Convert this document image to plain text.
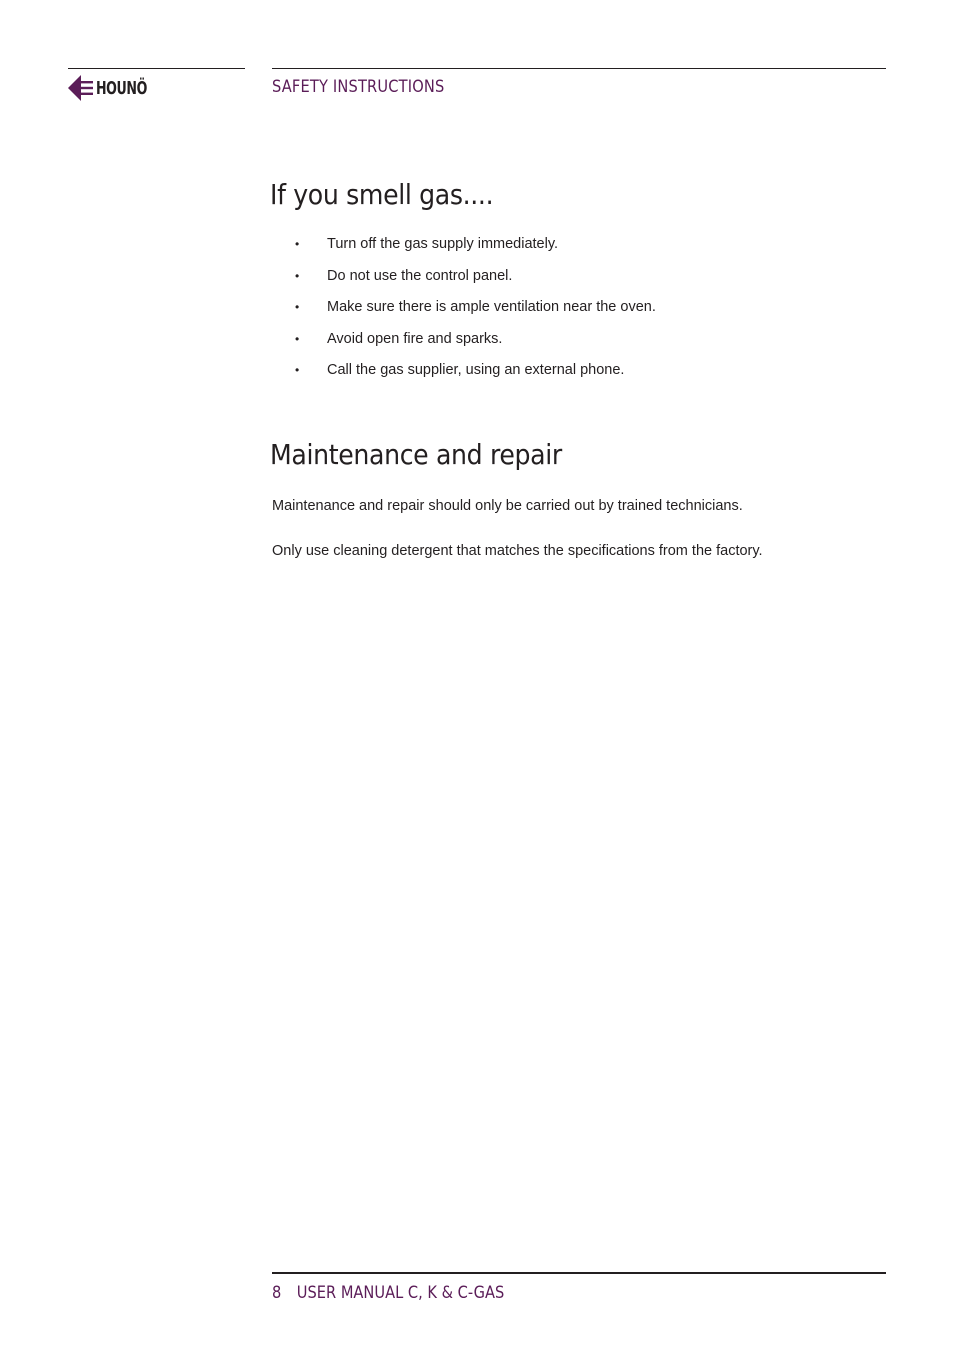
HOUNÖ	SAFETY INSTRUCTIONS
If you smell gas....
• Turn off the gas supply immediately.
• Do not use the control panel.
• Make sure there is ample ventilation near the oven.
• Avoid open fire and sparks.
• Call the gas supplier, using an external phone.
Maintenance and repair

Maintenance and repair should only be carried out by trained technicians.

Only use cleaning detergent that matches the specifications from the factory.

8 USER MANUAL C, K & C-GAS
